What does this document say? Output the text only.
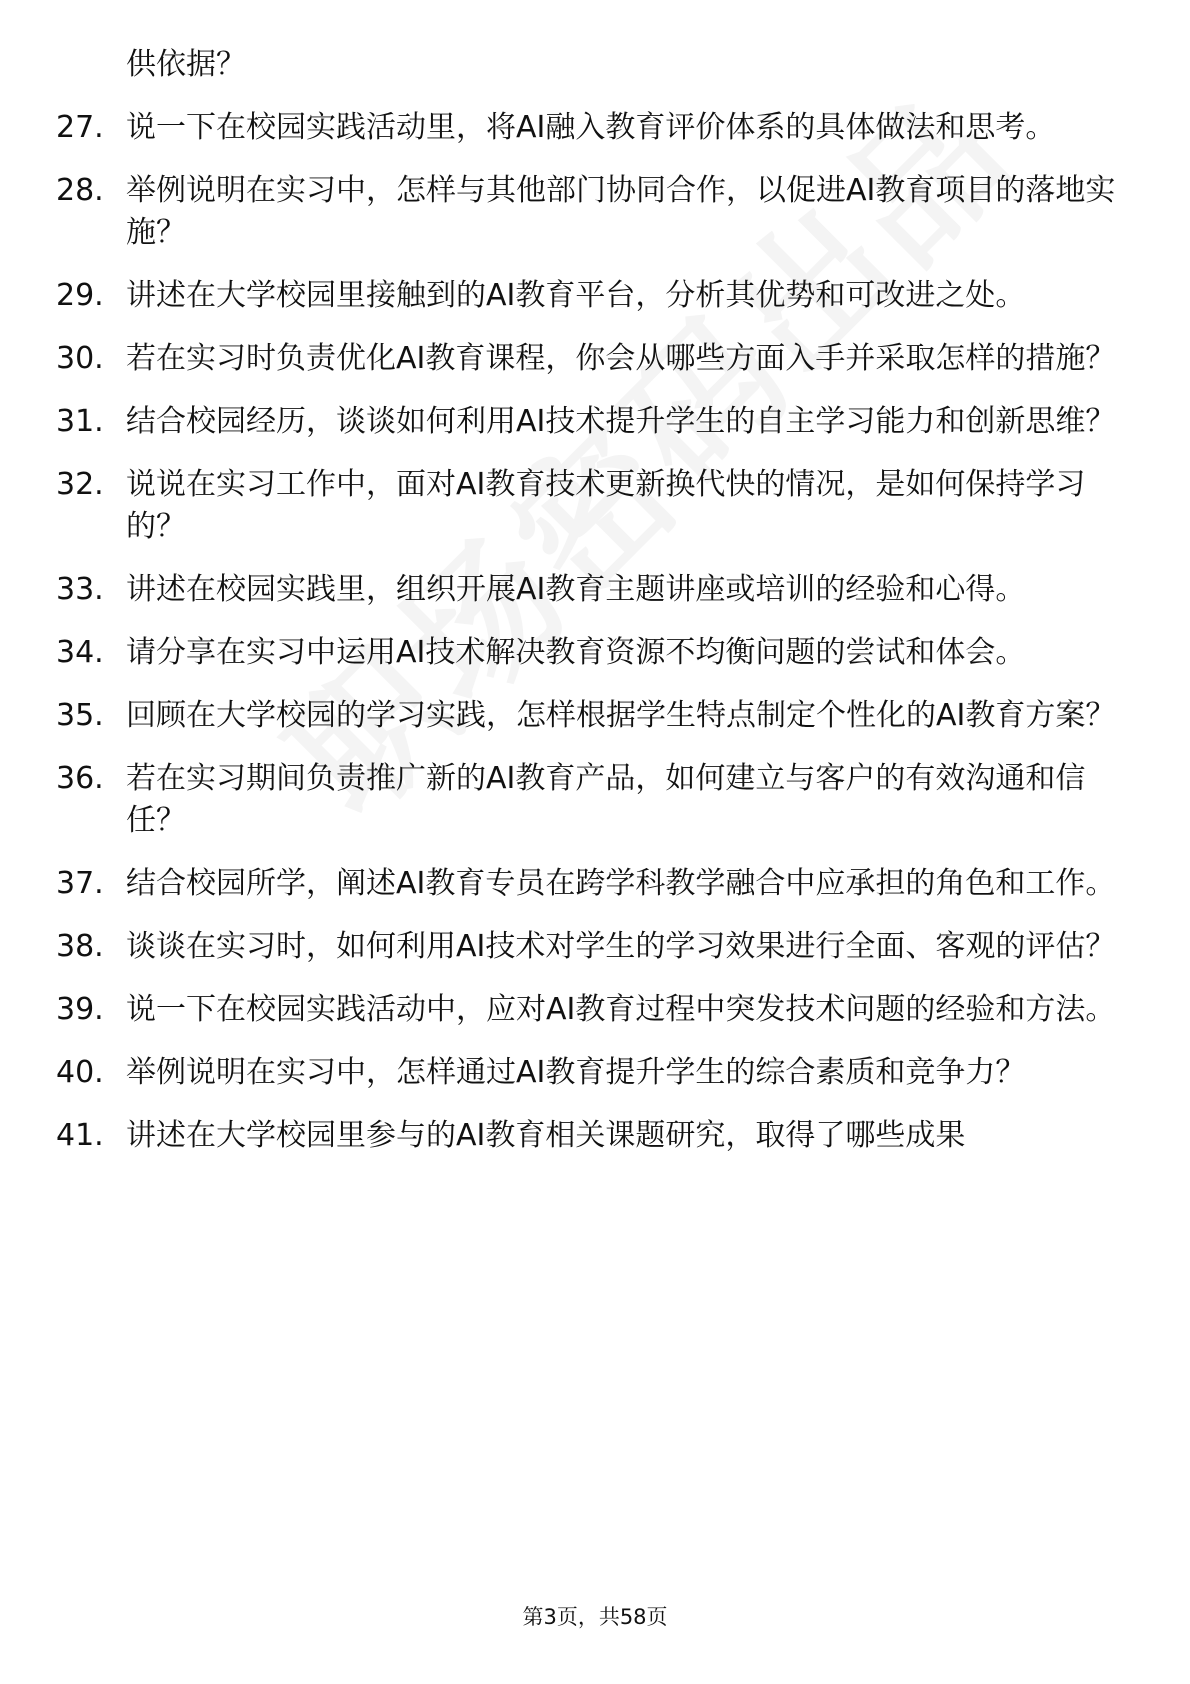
供依据？
27. 说一下在校园实践活动里，将AI融入教育评价体系的具体做法和思考。
28. 举例说明在实习中，怎样与其他部门协同合作，以促进AI教育项目的落地实施？
29. 讲述在大学校园里接触到的AI教育平台，分析其优势和可改进之处。
30. 若在实习时负责优化AI教育课程，你会从哪些方面入手并采取怎样的措施？
31. 结合校园经历，谈谈如何利用AI技术提升学生的自主学习能力和创新思维？
32. 说说在实习工作中，面对AI教育技术更新换代快的情况，是如何保持学习的？
33. 讲述在校园实践里，组织开展AI教育主题讲座或培训的经验和心得。
34. 请分享在实习中运用AI技术解决教育资源不均衡问题的尝试和体会。
35. 回顾在大学校园的学习实践，怎样根据学生特点制定个性化的AI教育方案？
36. 若在实习期间负责推广新的AI教育产品，如何建立与客户的有效沟通和信任？
37. 结合校园所学，阐述AI教育专员在跨学科教学融合中应承担的角色和工作。
38. 谈谈在实习时，如何利用AI技术对学生的学习效果进行全面、客观的评估？
39. 说一下在校园实践活动中，应对AI教育过程中突发技术问题的经验和方法。
40. 举例说明在实习中，怎样通过AI教育提升学生的综合素质和竞争力？
41. 讲述在大学校园里参与的AI教育相关课题研究，取得了哪些成果
第3页，共58页
